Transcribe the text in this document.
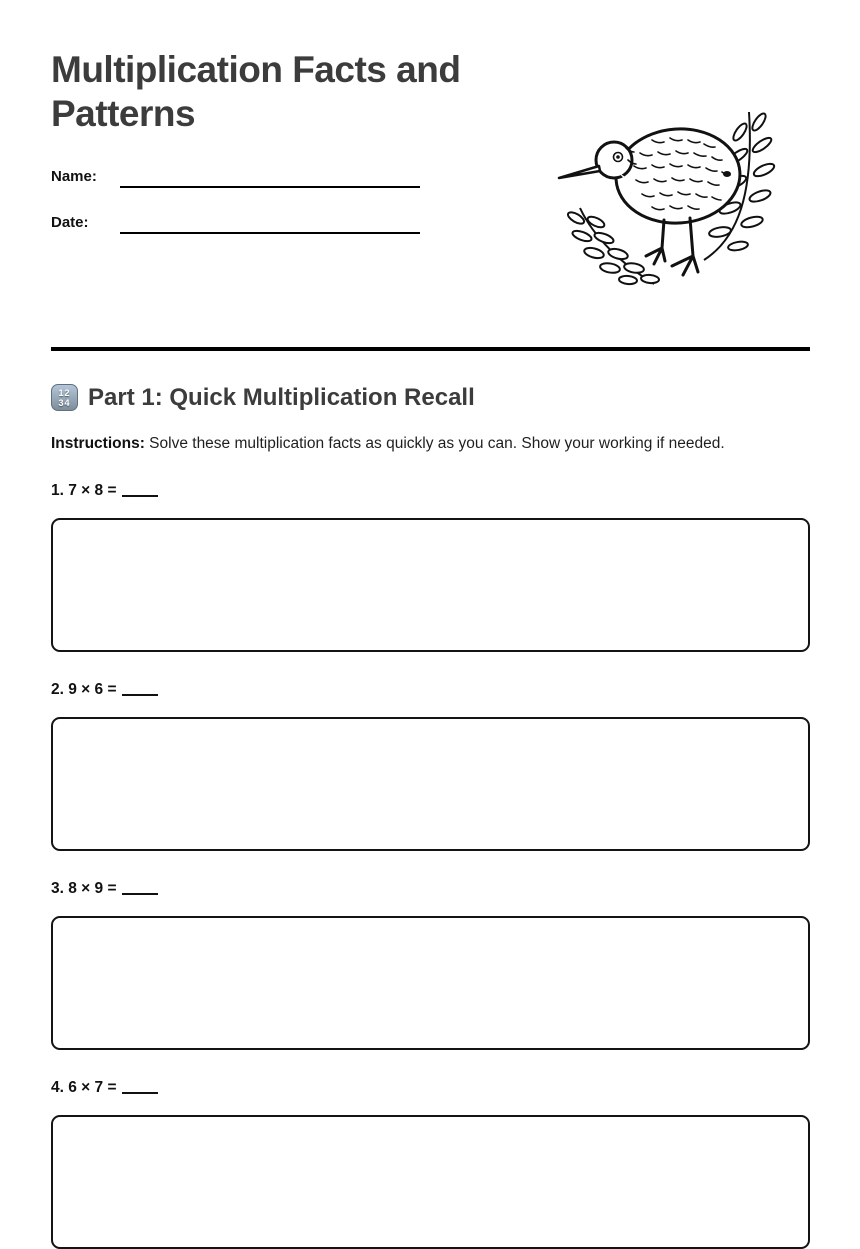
Multiplication Facts and Patterns
Name:
Date:
12
34 Part 1: Quick Multiplication Recall

Instructions: Solve these multiplication facts as quickly as you can. Show your working if needed.

1. 7 × 8 =

2. 9 × 6 =

3. 8 × 9 =

4. 6 × 7 =
